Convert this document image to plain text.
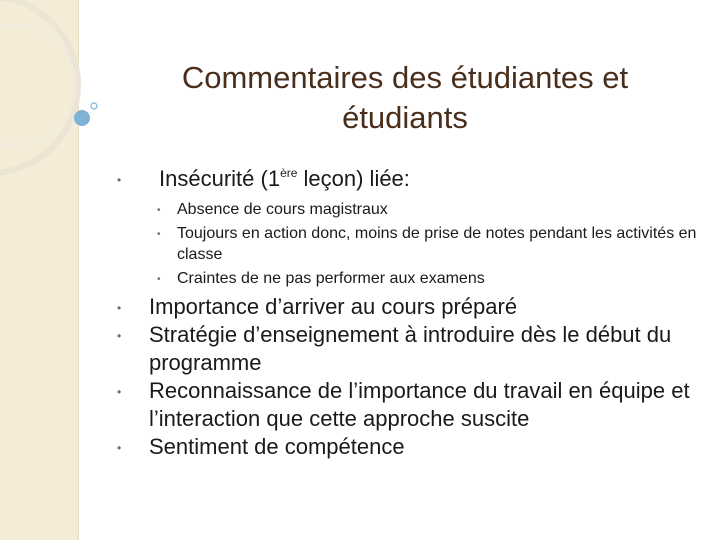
Commentaires des étudiantes et étudiants
• Insécurité (1ère leçon) liée:
• Absence de cours magistraux
• Toujours en action donc, moins de prise de notes pendant les activités en classe
• Craintes de ne pas performer aux examens
• Importance d’arriver au cours préparé
• Stratégie d’enseignement à introduire dès le début du programme
• Reconnaissance de l’importance du travail en équipe et l’interaction que cette approche suscite
• Sentiment de compétence
